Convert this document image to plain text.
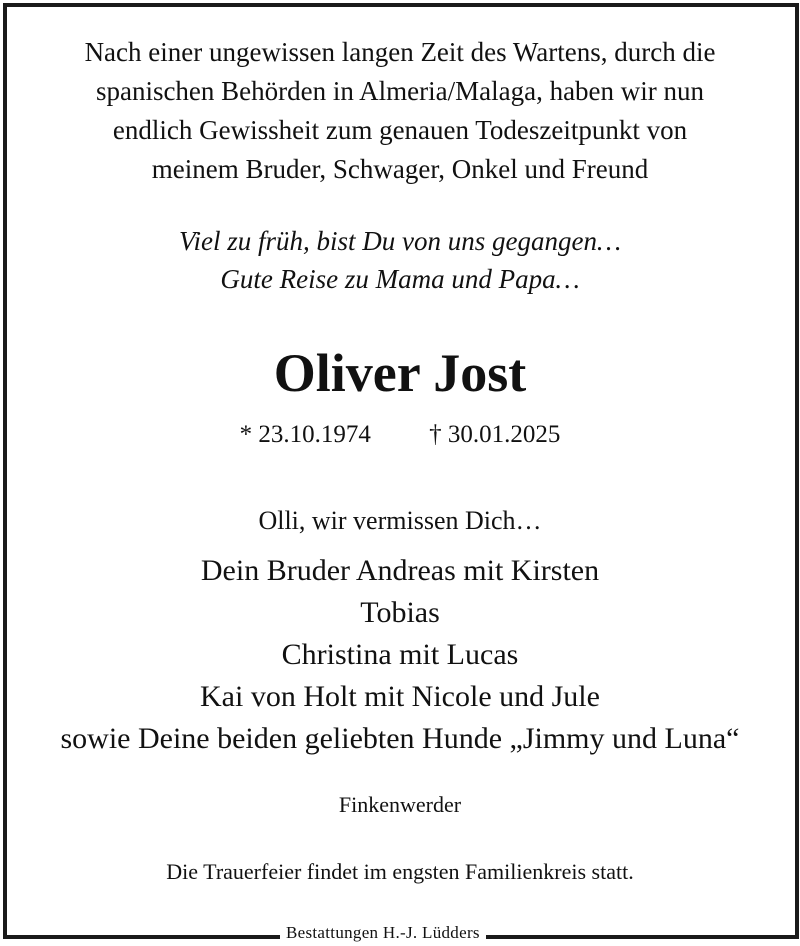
Nach einer ungewissen langen Zeit des Wartens, durch die
spanischen Behörden in Almeria/Malaga, haben wir nun
endlich Gewissheit zum genauen Todeszeitpunkt von
meinem Bruder, Schwager, Onkel und Freund
Viel zu früh, bist Du von uns gegangen…
Gute Reise zu Mama und Papa…
Oliver Jost
* 23.10.1974 † 30.01.2025
Olli, wir vermissen Dich…
Dein Bruder Andreas mit Kirsten
Tobias
Christina mit Lucas
Kai von Holt mit Nicole und Jule
sowie Deine beiden geliebten Hunde „Jimmy und Luna“
Finkenwerder
Die Trauerfeier findet im engsten Familienkreis statt.
Bestattungen H.-J. Lüdders
